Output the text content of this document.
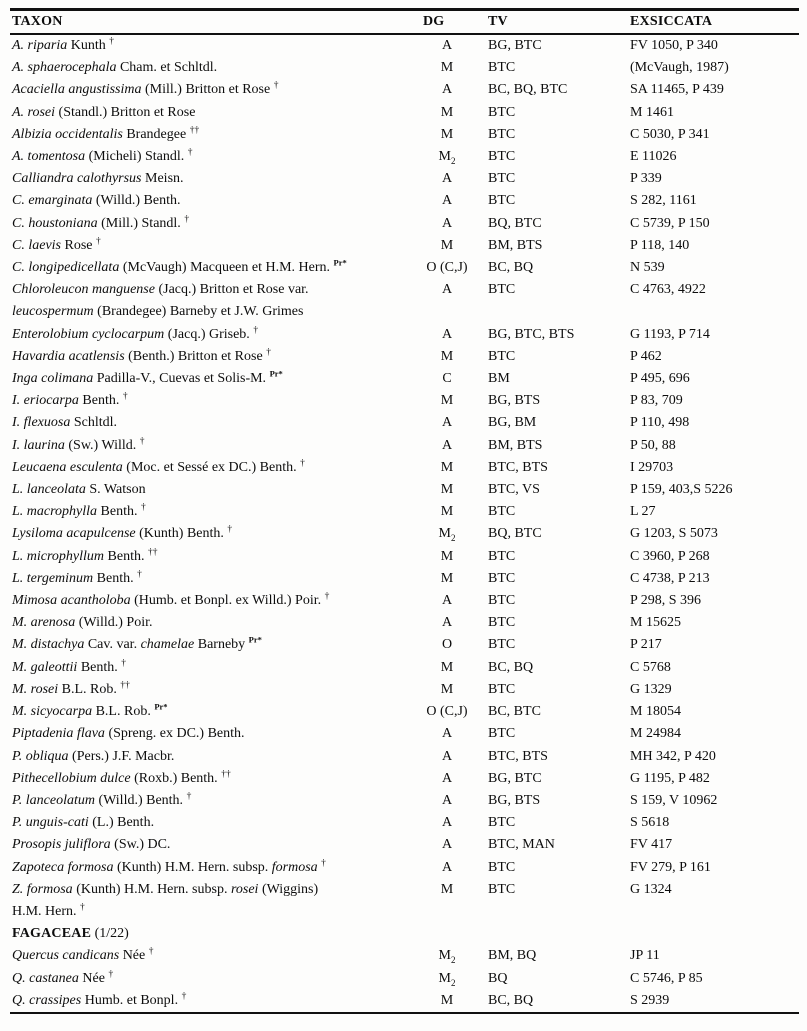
TAXON	DG	TV	EXSICCATA
A. riparia Kunth †	A	BG, BTC	FV 1050, P 340
A. sphaerocephala Cham. et Schltdl.	M	BTC	(McVaugh, 1987)
Acaciella angustissima (Mill.) Britton et Rose †	A	BC, BQ, BTC	SA 11465, P 439
A. rosei (Standl.) Britton et Rose	M	BTC	M 1461
Albizia occidentalis Brandegee ††	M	BTC	C 5030, P 341
A. tomentosa (Micheli) Standl. †	$M_2$	BTC	E 11026
Calliandra calothyrsus Meisn.	A	BTC	P 339
C. emarginata (Willd.) Benth.	A	BTC	S 282, 1161
C. houstoniana (Mill.) Standl. †	A	BQ, BTC	C 5739, P 150
C. laevis Rose †	M	BM, BTS	P 118, 140
C. longipedicellata (McVaugh) Macqueen et H.M. Hern. $^{Pr*}$	O (C,J)	BC, BQ	N 539
Chloroleucon manguense (Jacq.) Britton et Rose var.
leucospermum (Brandegee) Barneby et J.W. Grimes	A	BTC	C 4763, 4922
Enterolobium cyclocarpum (Jacq.) Griseb. †	A	BG, BTC, BTS	G 1193, P 714
Havardia acatlensis (Benth.) Britton et Rose †	M	BTC	P 462
Inga colimana Padilla-V., Cuevas et Solis-M. $^{Pr*}$	C	BM	P 495, 696
I. eriocarpa Benth. †	M	BG, BTS	P 83, 709
I. flexuosa Schltdl.	A	BG, BM	P 110, 498
I. laurina (Sw.) Willd. †	A	BM, BTS	P 50, 88
Leucaena esculenta (Moc. et Sessé ex DC.) Benth. †	M	BTC, BTS	I 29703
L. lanceolata S. Watson	M	BTC, VS	P 159, 403,S 5226
L. macrophylla Benth. †	M	BTC	L 27
Lysiloma acapulcense (Kunth) Benth. †	$M_2$	BQ, BTC	G 1203, S 5073
L. microphyllum Benth. ††	M	BTC	C 3960, P 268
L. tergeminum Benth. †	M	BTC	C 4738, P 213
Mimosa acantholoba (Humb. et Bonpl. ex Willd.) Poir. †	A	BTC	P 298, S 396
M. arenosa (Willd.) Poir.	A	BTC	M 15625
M. distachya Cav. var. chamelae Barneby $^{Pr*}$	O	BTC	P 217
M. galeottii Benth. †	M	BC, BQ	C 5768
M. rosei B.L. Rob. ††	M	BTC	G 1329
M. sicyocarpa B.L. Rob. $^{Pr*}$	O (C,J)	BC, BTC	M 18054
Piptadenia flava (Spreng. ex DC.) Benth.	A	BTC	M 24984
P. obliqua (Pers.) J.F. Macbr.	A	BTC, BTS	MH 342, P 420
Pithecellobium dulce (Roxb.) Benth. ††	A	BG, BTC	G 1195, P 482
P. lanceolatum (Willd.) Benth. †	A	BG, BTS	S 159, V 10962
P. unguis-cati (L.) Benth.	A	BTC	S 5618
Prosopis juliflora (Sw.) DC.	A	BTC, MAN	FV 417
Zapoteca formosa (Kunth) H.M. Hern. subsp. formosa †	A	BTC	FV 279, P 161
Z. formosa (Kunth) H.M. Hern. subsp. rosei (Wiggins)
H.M. Hern. †	M	BTC	G 1324
FAGACEAE (1/22)			
Quercus candicans Née †	$M_2$	BM, BQ	JP 11
Q. castanea Née †	$M_2$	BQ	C 5746, P 85
Q. crassipes Humb. et Bonpl. †	M	BC, BQ	S 2939
